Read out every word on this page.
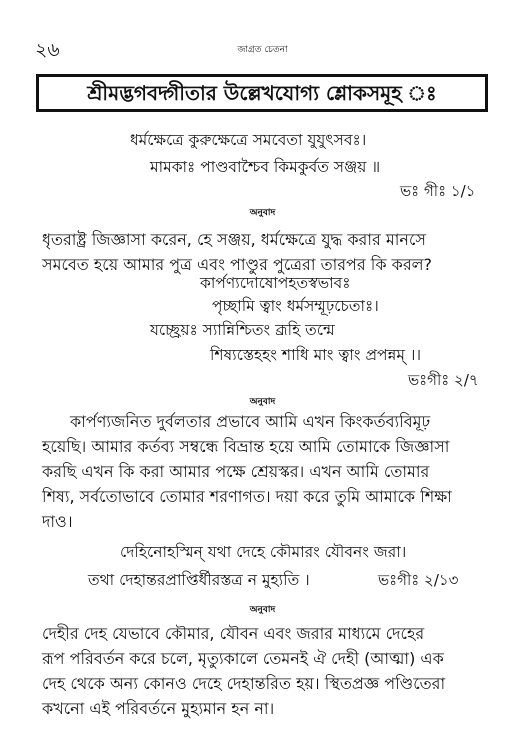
২৬	জাগ্রত চেতনা
শ্রীমদ্ভগবদ্গীতার উল্লেখযোগ্য শ্লোকসমূহ ঃ
ধর্মক্ষেত্রে কুরুক্ষেত্রে সমবেতা যুযুৎসবঃ।
মামকাঃ পাণ্ডবাশ্চৈব কিমকুর্বত সঞ্জয় ॥
ভঃ গীঃ ১/১
অনুবাদ
ধৃতরাষ্ট্র জিজ্ঞাসা করেন, হে সঞ্জয়, ধর্মক্ষেত্রে যুদ্ধ করার মানসে
সমবেত হয়ে আমার পুত্র এবং পাণ্ডুর পুত্রেরা তারপর কি করল?
কার্পণ্যদোষোপহতস্বভাবঃ
পৃচ্ছামি ত্বাং ধর্মসম্মূঢ়চেতাঃ।
যচ্ছ্রেয়ঃ স্যান্নিশ্চিতং ব্রূহি তন্মে
শিষ্যস্তেহহং শাধি মাং ত্বাং প্রপন্নম্ ।।
ভঃগীঃ ২/৭
অনুবাদ
কার্পণ্যজনিত দুর্বলতার প্রভাবে আমি এখন কিংকর্তব্যবিমূঢ়
হয়েছি। আমার কর্তব্য সম্বন্ধে বিভ্রান্ত হয়ে আমি তোমাকে জিজ্ঞাসা
করছি এখন কি করা আমার পক্ষে শ্রেয়স্কর। এখন আমি তোমার
শিষ্য, সর্বতোভাবে তোমার শরণাগত। দয়া করে তুমি আমাকে শিক্ষা
দাও।
দেহিনোহস্মিন্ যথা দেহে কৌমারং যৌবনং জরা।
তথা দেহান্তরপ্রাপ্তির্ধীরস্তত্র ন মুহ্যতি ।	ভঃগীঃ ২/১৩
অনুবাদ
দেহীর দেহ যেভাবে কৌমার, যৌবন এবং জরার মাধ্যমে দেহের
রূপ পরিবর্তন করে চলে, মৃত্যুকালে তেমনই ঐ দেহী (আত্মা) এক
দেহ থেকে অন্য কোনও দেহে দেহান্তরিত হয়। স্থিতপ্রজ্ঞ পণ্ডিতেরা
কখনো এই পরিবর্তনে মুহ্যমান হন না।
